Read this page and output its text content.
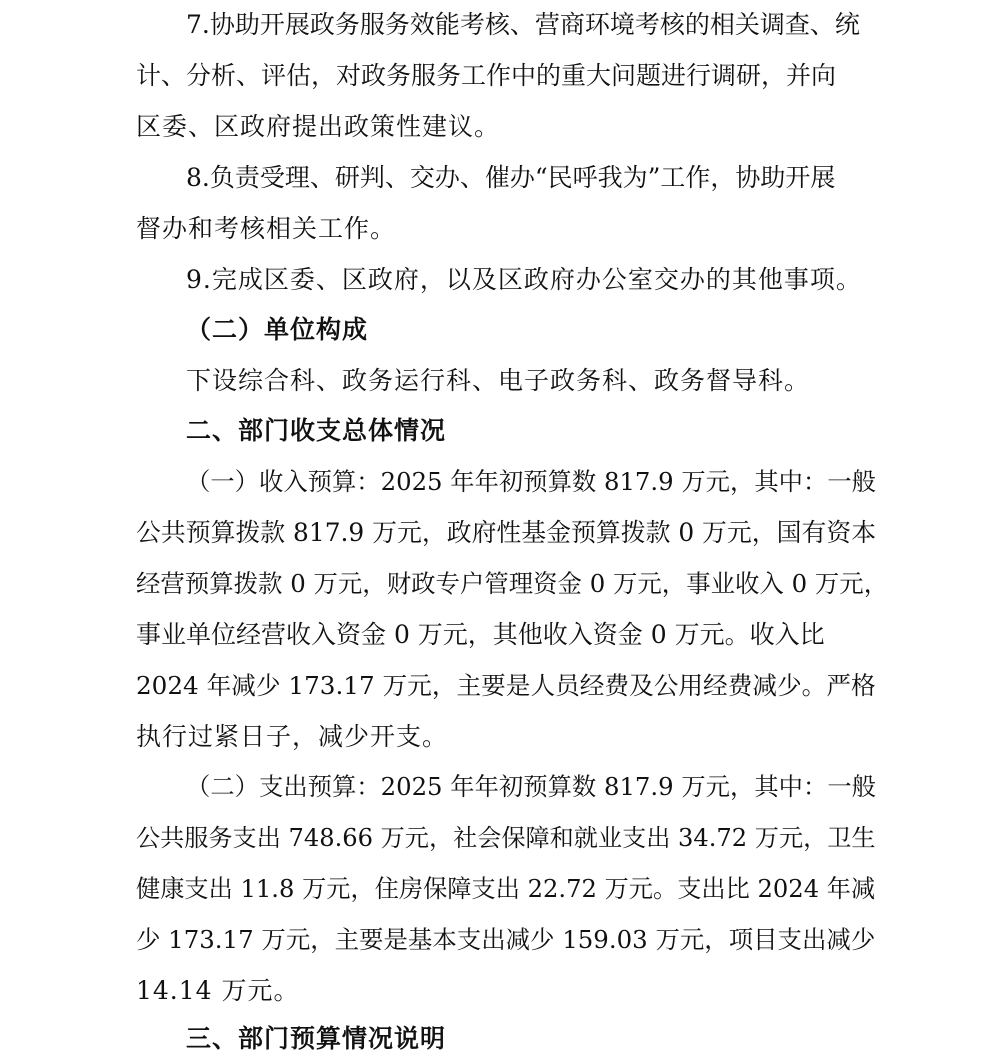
7.协助开展政务服务效能考核、营商环境考核的相关调查、统
计、分析、评估，对政务服务工作中的重大问题进行调研，并向
区委、区政府提出政策性建议。
8.负责受理、研判、交办、催办“民呼我为”工作，协助开展
督办和考核相关工作。
9.完成区委、区政府，以及区政府办公室交办的其他事项。
（二）单位构成
下设综合科、政务运行科、电子政务科、政务督导科。
二、部门收支总体情况
（一）收入预算：2025 年年初预算数 817.9 万元，其中：一般
公共预算拨款 817.9 万元，政府性基金预算拨款 0 万元，国有资本
经营预算拨款 0 万元，财政专户管理资金 0 万元，事业收入 0 万元，
事业单位经营收入资金 0 万元，其他收入资金 0 万元。收入比
2024 年减少 173.17 万元，主要是人员经费及公用经费减少。严格
执行过紧日子，减少开支。
（二）支出预算：2025 年年初预算数 817.9 万元，其中：一般
公共服务支出 748.66 万元，社会保障和就业支出 34.72 万元，卫生
健康支出 11.8 万元，住房保障支出 22.72 万元。支出比 2024 年减
少 173.17 万元，主要是基本支出减少 159.03 万元，项目支出减少
14.14 万元。
三、部门预算情况说明
